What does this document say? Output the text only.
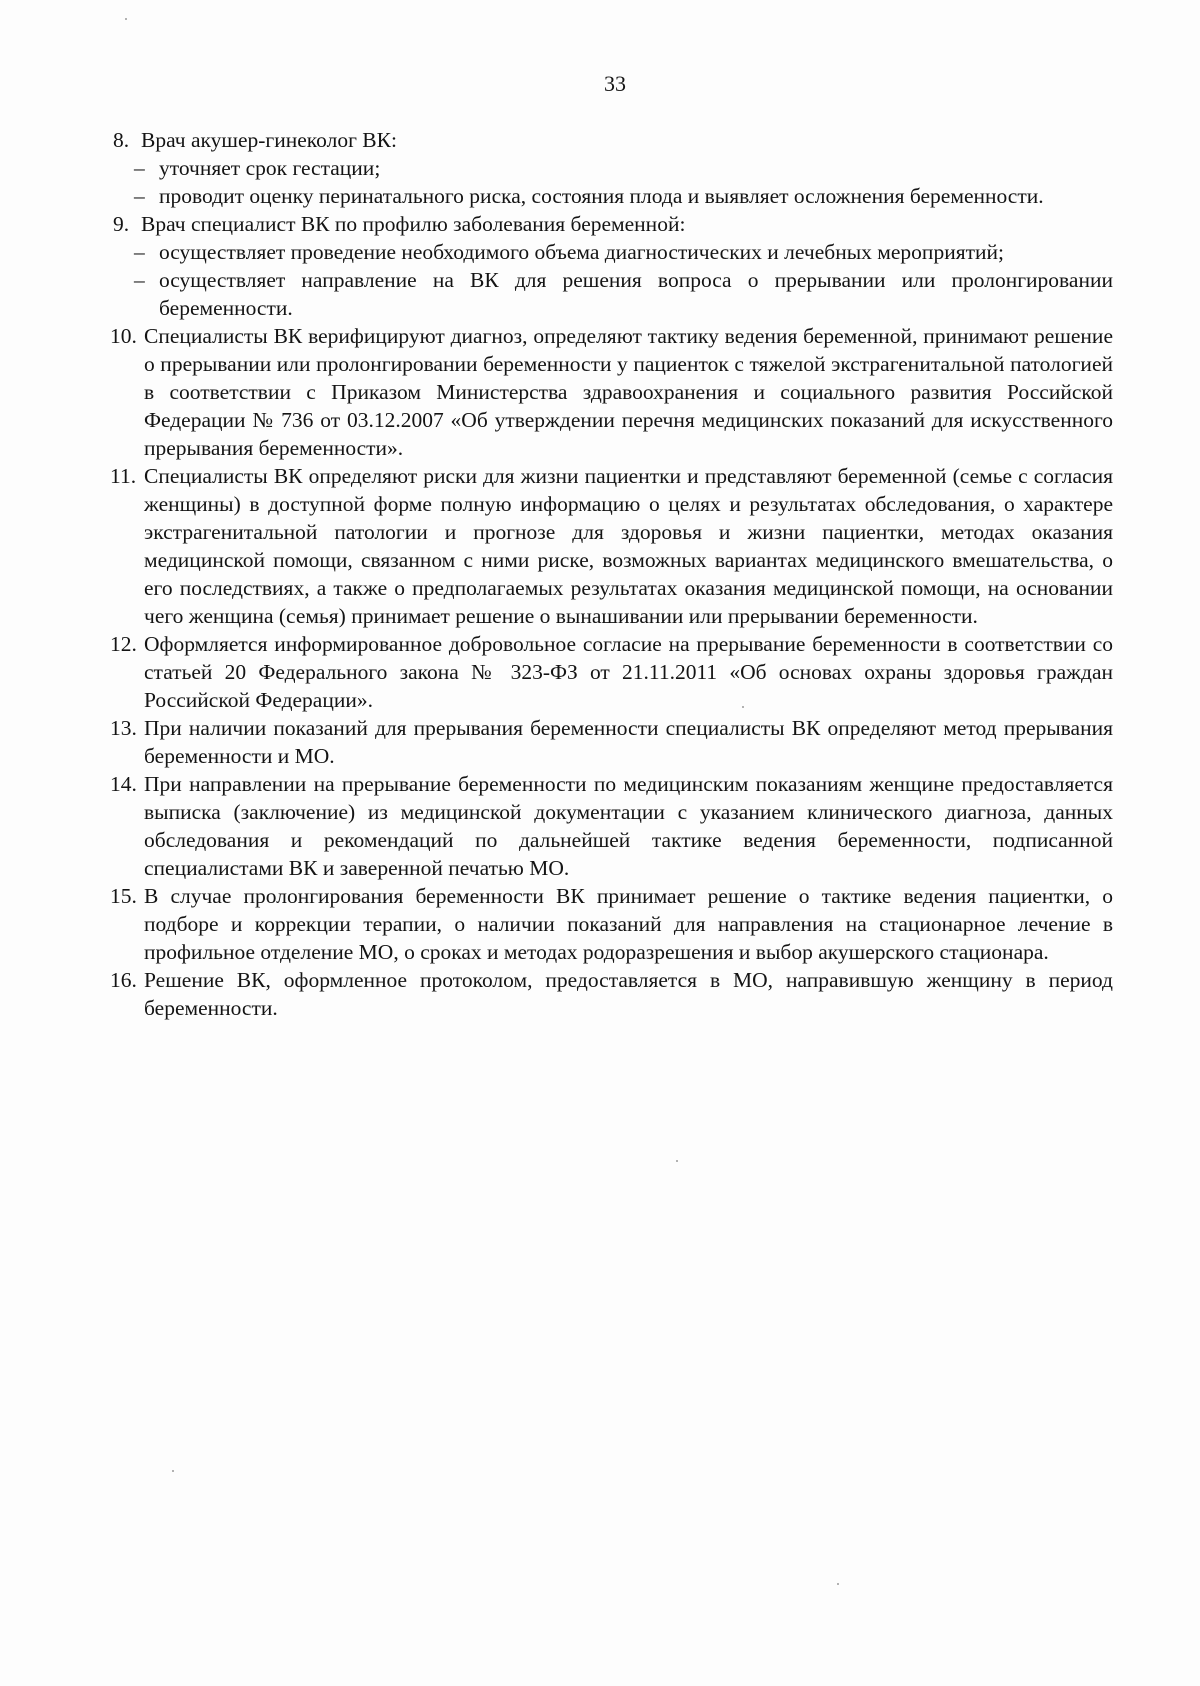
33
8. Врач акушер-гинеколог ВК:
– уточняет срок гестации;
– проводит оценку перинатального риска, состояния плода и выявляет осложнения беременности.
9. Врач специалист ВК по профилю заболевания беременной:
– осуществляет проведение необходимого объема диагностических и лечебных мероприятий;
– осуществляет направление на ВК для решения вопроса о прерывании или пролонгировании беременности.
10. Специалисты ВК верифицируют диагноз, определяют тактику ведения беременной, принимают решение о прерывании или пролонгировании беременности у пациенток с тяжелой экстрагенитальной патологией в соответствии с Приказом Министерства здравоохранения и социального развития Российской Федерации № 736 от 03.12.2007 «Об утверждении перечня медицинских показаний для искусственного прерывания беременности».
11. Специалисты ВК определяют риски для жизни пациентки и представляют беременной (семье с согласия женщины) в доступной форме полную информацию о целях и результатах обследования, о характере экстрагенитальной патологии и прогнозе для здоровья и жизни пациентки, методах оказания медицинской помощи, связанном с ними риске, возможных вариантах медицинского вмешательства, о его последствиях, а также о предполагаемых результатах оказания медицинской помощи, на основании чего женщина (семья) принимает решение о вынашивании или прерывании беременности.
12. Оформляется информированное добровольное согласие на прерывание беременности в соответствии со статьей 20 Федерального закона № 323-ФЗ от 21.11.2011 «Об основах охраны здоровья граждан Российской Федерации».
13. При наличии показаний для прерывания беременности специалисты ВК определяют метод прерывания беременности и МО.
14. При направлении на прерывание беременности по медицинским показаниям женщине предоставляется выписка (заключение) из медицинской документации с указанием клинического диагноза, данных обследования и рекомендаций по дальнейшей тактике ведения беременности, подписанной специалистами ВК и заверенной печатью МО.
15. В случае пролонгирования беременности ВК принимает решение о тактике ведения пациентки, о подборе и коррекции терапии, о наличии показаний для направления на стационарное лечение в профильное отделение МО, о сроках и методах родоразрешения и выбор акушерского стационара.
16. Решение ВК, оформленное протоколом, предоставляется в МО, направившую женщину в период беременности.
